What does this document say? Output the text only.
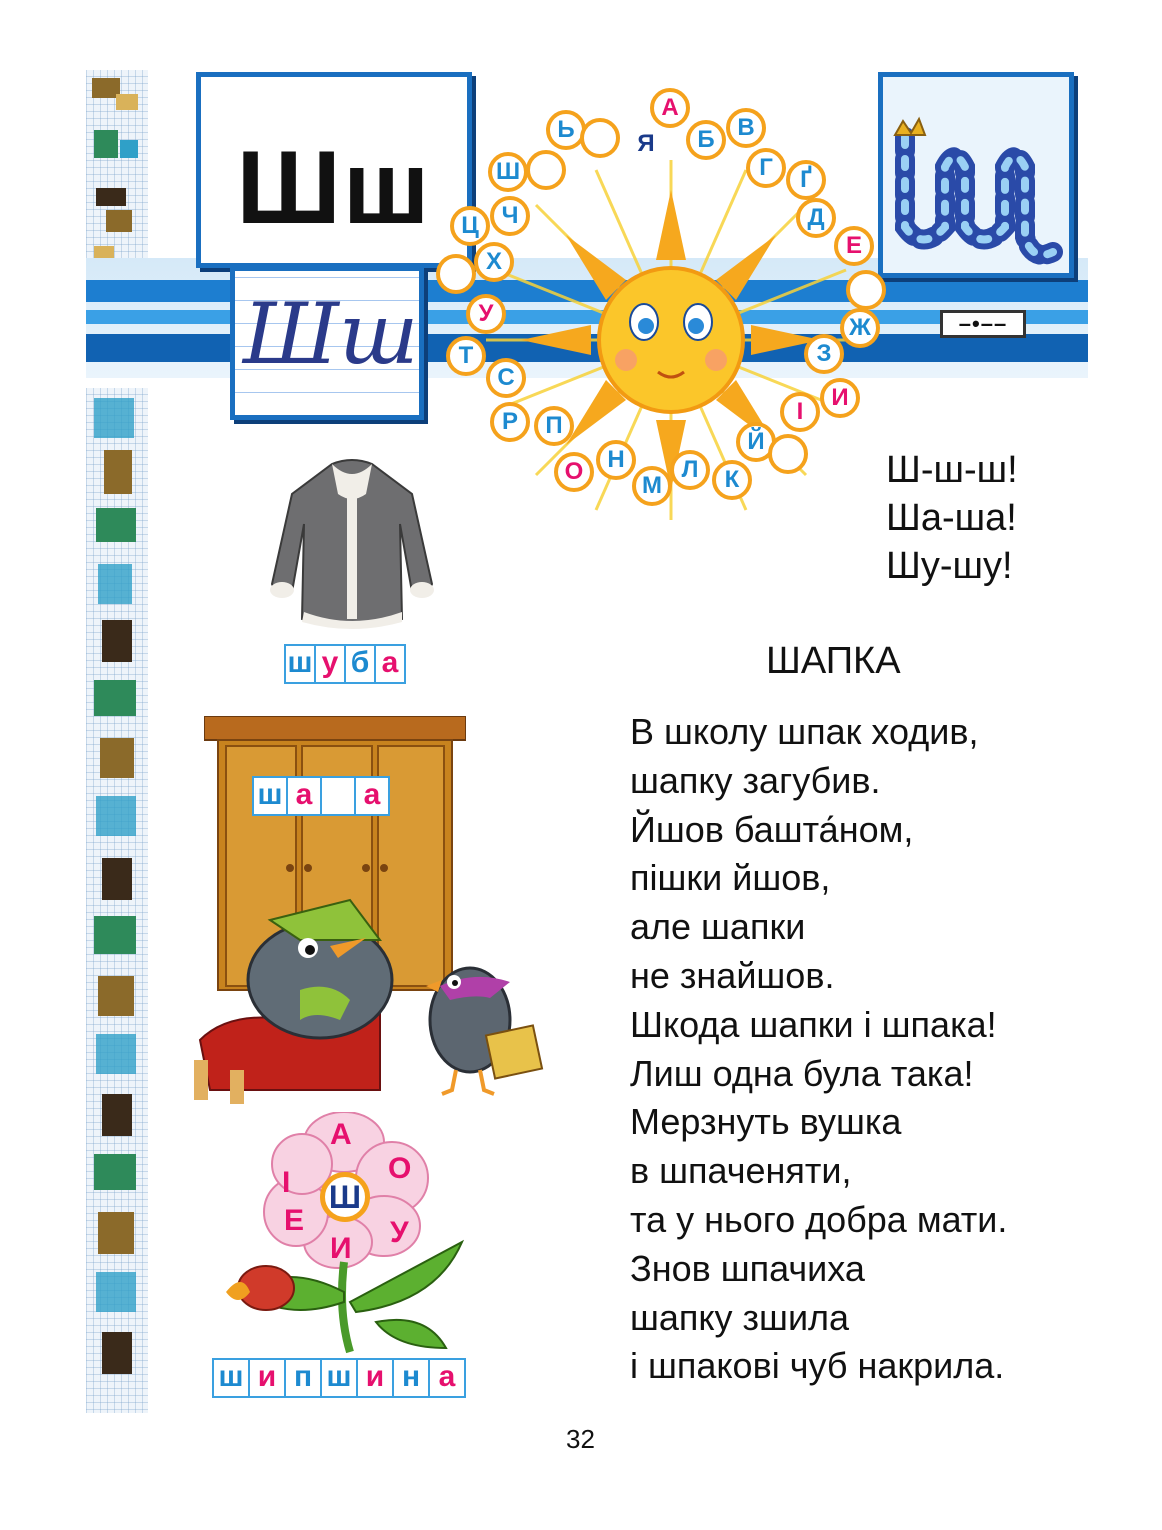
Шш
Шш	–•––
А
Я	Б В
Г	Ґ
Д
Е
Ж
З
И
І
Й
К
Л
М
Н
О
П
Р
С
Т
У
Х
Ц Ч
Ш
Ь
Ш-ш-ш!
Ша-ша!
Шу-шу!
ш у б а
ш а а
Ш
А
О
У
И
Е
І
ш и п ш и н а
ШАПКА
В школу шпак ходив,
шапку загубив.
Йшов башта́ном,
пішки йшов,
але шапки
не знайшов.
Шкода шапки і шпака!
Лиш одна була така!
Мерзнуть вушка
в шпаченяти,
та у нього добра мати.
Знов шпачиха
шапку зшила
і шпакові чуб накрила.
32
